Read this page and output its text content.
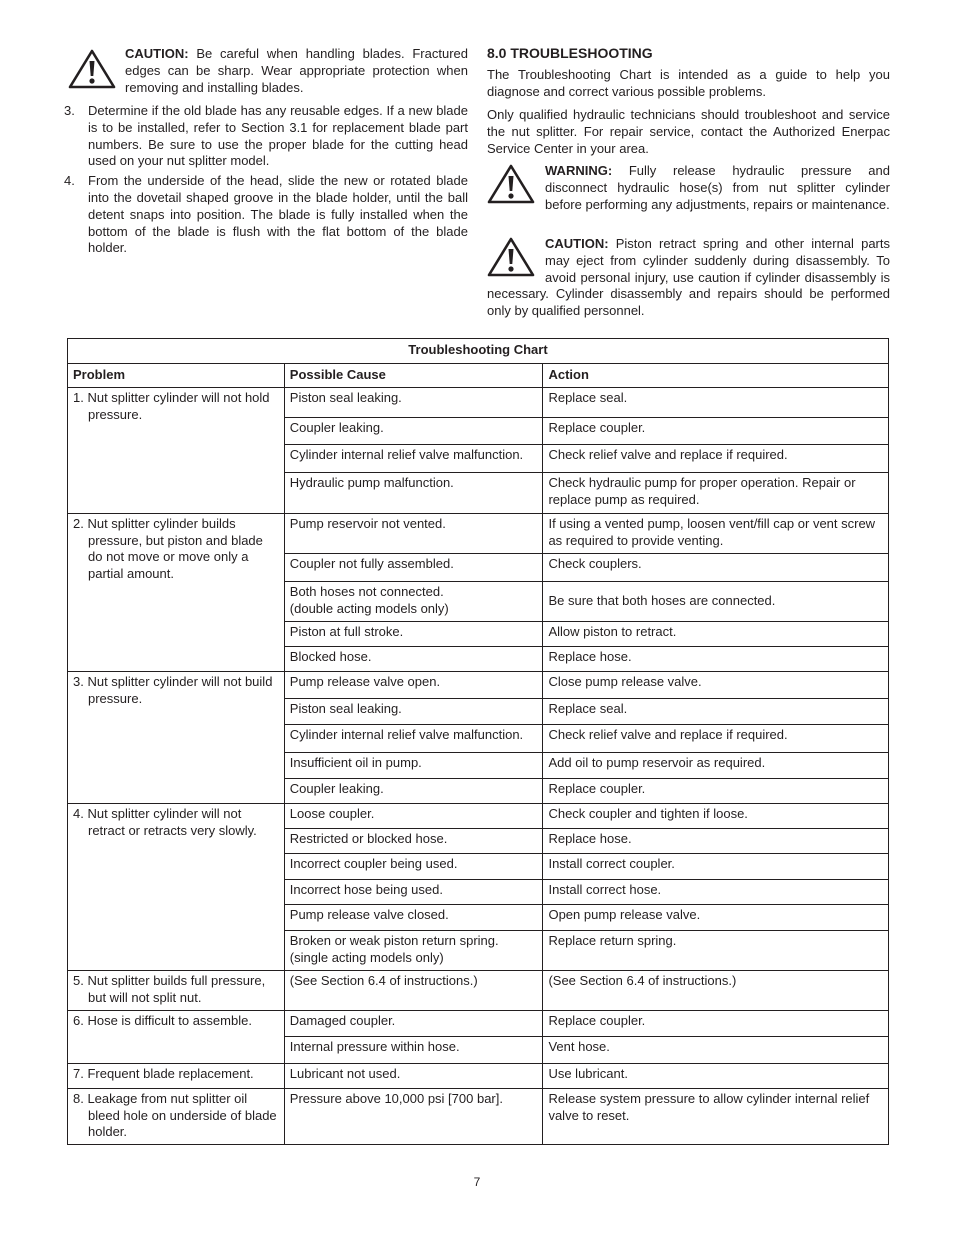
CAUTION: Be careful when handling blades. Fractured edges can be sharp. Wear appropriate protection when removing and installing blades.
3. Determine if the old blade has any reusable edges. If a new blade is to be installed, refer to Section 3.1 for replacement blade part numbers. Be sure to use the proper blade for the cutting head used on your nut splitter model.
4. From the underside of the head, slide the new or rotated blade into the dovetail shaped groove in the blade holder, until the ball detent snaps into position. The blade is fully installed when the bottom of the blade is flush with the flat bottom of the blade holder.
8.0 TROUBLESHOOTING

The Troubleshooting Chart is intended as a guide to help you diagnose and correct various possible problems.

Only qualified hydraulic technicians should troubleshoot and service the nut splitter. For repair service, contact the Authorized Enerpac Service Center in your area.

WARNING: Fully release hydraulic pressure and disconnect hydraulic hose(s) from nut splitter cylinder before performing any adjustments, repairs or maintenance.

CAUTION: Piston retract spring and other internal parts may eject from cylinder suddenly during disassembly. To avoid personal injury, use caution if cylinder disassembly is necessary. Cylinder disassembly and repairs should be performed only by qualified personnel.

Troubleshooting Chart		
Problem	Possible Cause	Action

1. Nut splitter cylinder will not hold pressure.	Piston seal leaking.	Replace seal.

	Coupler leaking.	Replace coupler.

	Cylinder internal relief valve malfunction.	Check relief valve and replace if required.

	Hydraulic pump malfunction.	Check hydraulic pump for proper operation. Repair or replace pump as required.

2. Nut splitter cylinder builds pressure, but piston and blade do not move or move only a partial amount.	Pump reservoir not vented.	If using a vented pump, loosen vent/fill cap or vent screw as required to provide venting.

	Coupler not fully assembled.	Check couplers.

	Both hoses not connected.
(double acting models only)	Be sure that both hoses are connected.

	Piston at full stroke.	Allow piston to retract.

	Blocked hose.	Replace hose.

3. Nut splitter cylinder will not build pressure.	Pump release valve open.	Close pump release valve.

	Piston seal leaking.	Replace seal.

	Cylinder internal relief valve malfunction.	Check relief valve and replace if required.

	Insufficient oil in pump.	Add oil to pump reservoir as required.

	Coupler leaking.	Replace coupler.

4. Nut splitter cylinder will not retract or retracts very slowly.	Loose coupler.	Check coupler and tighten if loose.

	Restricted or blocked hose.	Replace hose.

	Incorrect coupler being used.	Install correct coupler.

	Incorrect hose being used.	Install correct hose.

	Pump release valve closed.	Open pump release valve.

	Broken or weak piston return spring.
(single acting models only)	Replace return spring.

5. Nut splitter builds full pressure, but will not split nut.	(See Section 6.4 of instructions.)	(See Section 6.4 of instructions.)

6. Hose is difficult to assemble.	Damaged coupler.	Replace coupler.

	Internal pressure within hose.	Vent hose.

7. Frequent blade replacement.	Lubricant not used.	Use lubricant.

8. Leakage from nut splitter oil bleed hole on underside of blade holder.	Pressure above 10,000 psi [700 bar].	Release system pressure to allow cylinder internal relief valve to reset.
7
